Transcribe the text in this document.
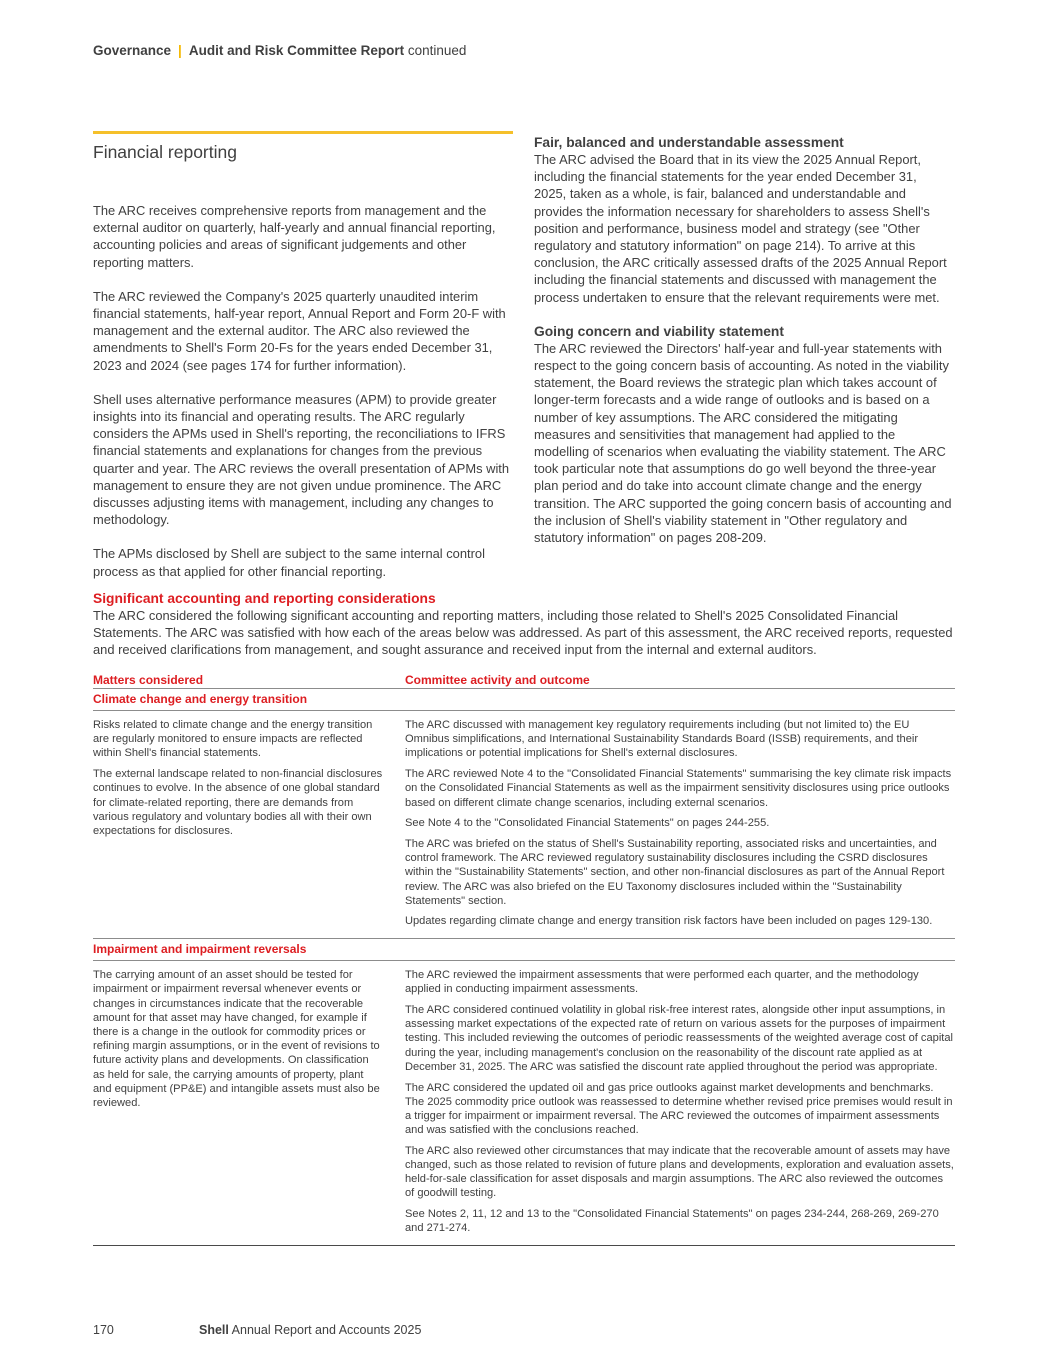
Governance | Audit and Risk Committee Report continued
Financial reporting

The ARC receives comprehensive reports from management and the external auditor on quarterly, half-yearly and annual financial reporting, accounting policies and areas of significant judgements and other reporting matters.

The ARC reviewed the Company's 2025 quarterly unaudited interim financial statements, half-year report, Annual Report and Form 20-F with management and the external auditor. The ARC also reviewed the amendments to Shell's Form 20-Fs for the years ended December 31, 2023 and 2024 (see pages 174 for further information).

Shell uses alternative performance measures (APM) to provide greater insights into its financial and operating results. The ARC regularly considers the APMs used in Shell's reporting, the reconciliations to IFRS financial statements and explanations for changes from the previous quarter and year. The ARC reviews the overall presentation of APMs with management to ensure they are not given undue prominence. The ARC discusses adjusting items with management, including any changes to methodology.

The APMs disclosed by Shell are subject to the same internal control process as that applied for other financial reporting.

Fair, balanced and understandable assessment

The ARC advised the Board that in its view the 2025 Annual Report, including the financial statements for the year ended December 31, 2025, taken as a whole, is fair, balanced and understandable and provides the information necessary for shareholders to assess Shell's position and performance, business model and strategy (see "Other regulatory and statutory information" on page 214). To arrive at this conclusion, the ARC critically assessed drafts of the 2025 Annual Report including the financial statements and discussed with management the process undertaken to ensure that the relevant requirements were met.

Going concern and viability statement

The ARC reviewed the Directors' half-year and full-year statements with respect to the going concern basis of accounting. As noted in the viability statement, the Board reviews the strategic plan which takes account of longer-term forecasts and a wide range of outlooks and is based on a number of key assumptions. The ARC considered the mitigating measures and sensitivities that management had applied to the modelling of scenarios when evaluating the viability statement. The ARC took particular note that assumptions do go well beyond the three-year plan period and do take into account climate change and the energy transition. The ARC supported the going concern basis of accounting and the inclusion of Shell's viability statement in "Other regulatory and statutory information" on pages 208-209.

Significant accounting and reporting considerations

The ARC considered the following significant accounting and reporting matters, including those related to Shell's 2025 Consolidated Financial Statements. The ARC was satisfied with how each of the areas below was addressed. As part of this assessment, the ARC received reports, requested and received clarifications from management, and sought assurance and received input from the internal and external auditors.

Matters considered	Committee activity and outcome
Climate change and energy transition

Risks related to climate change and the energy transition are regularly monitored to ensure impacts are reflected within Shell's financial statements.

The external landscape related to non-financial disclosures continues to evolve. In the absence of one global standard for climate-related reporting, there are demands from various regulatory and voluntary bodies all with their own expectations for disclosures.

The ARC discussed with management key regulatory requirements including (but not limited to) the EU Omnibus simplifications, and International Sustainability Standards Board (ISSB) requirements, and their implications or potential implications for Shell's external disclosures.

The ARC reviewed Note 4 to the "Consolidated Financial Statements" summarising the key climate risk impacts on the Consolidated Financial Statements as well as the impairment sensitivity disclosures using price outlooks based on different climate change scenarios, including external scenarios.

See Note 4 to the "Consolidated Financial Statements" on pages 244-255.

The ARC was briefed on the status of Shell's Sustainability reporting, associated risks and uncertainties, and control framework. The ARC reviewed regulatory sustainability disclosures including the CSRD disclosures within the "Sustainability Statements" section, and other non-financial disclosures as part of the Annual Report review. The ARC was also briefed on the EU Taxonomy disclosures included within the "Sustainability Statements" section.

Updates regarding climate change and energy transition risk factors have been included on pages 129-130.

Impairment and impairment reversals

The carrying amount of an asset should be tested for impairment or impairment reversal whenever events or changes in circumstances indicate that the recoverable amount for that asset may have changed, for example if there is a change in the outlook for commodity prices or refining margin assumptions, or in the event of revisions to future activity plans and developments. On classification as held for sale, the carrying amounts of property, plant and equipment (PP&E) and intangible assets must also be reviewed.

The ARC reviewed the impairment assessments that were performed each quarter, and the methodology applied in conducting impairment assessments.

The ARC considered continued volatility in global risk-free interest rates, alongside other input assumptions, in assessing market expectations of the expected rate of return on various assets for the purposes of impairment testing. This included reviewing the outcomes of periodic reassessments of the weighted average cost of capital during the year, including management's conclusion on the reasonability of the discount rate applied as at December 31, 2025. The ARC was satisfied the discount rate applied throughout the period was appropriate.

The ARC considered the updated oil and gas price outlooks against market developments and benchmarks. The 2025 commodity price outlook was reassessed to determine whether revised price premises would result in a trigger for impairment or impairment reversal. The ARC reviewed the outcomes of impairment assessments and was satisfied with the conclusions reached.

The ARC also reviewed other circumstances that may indicate that the recoverable amount of assets may have changed, such as those related to revision of future plans and developments, exploration and evaluation assets, held-for-sale classification for asset disposals and margin assumptions. The ARC also reviewed the outcomes of goodwill testing.

See Notes 2, 11, 12 and 13 to the "Consolidated Financial Statements" on pages 234-244, 268-269, 269-270 and 271-274.

170	Shell Annual Report and Accounts 2025
